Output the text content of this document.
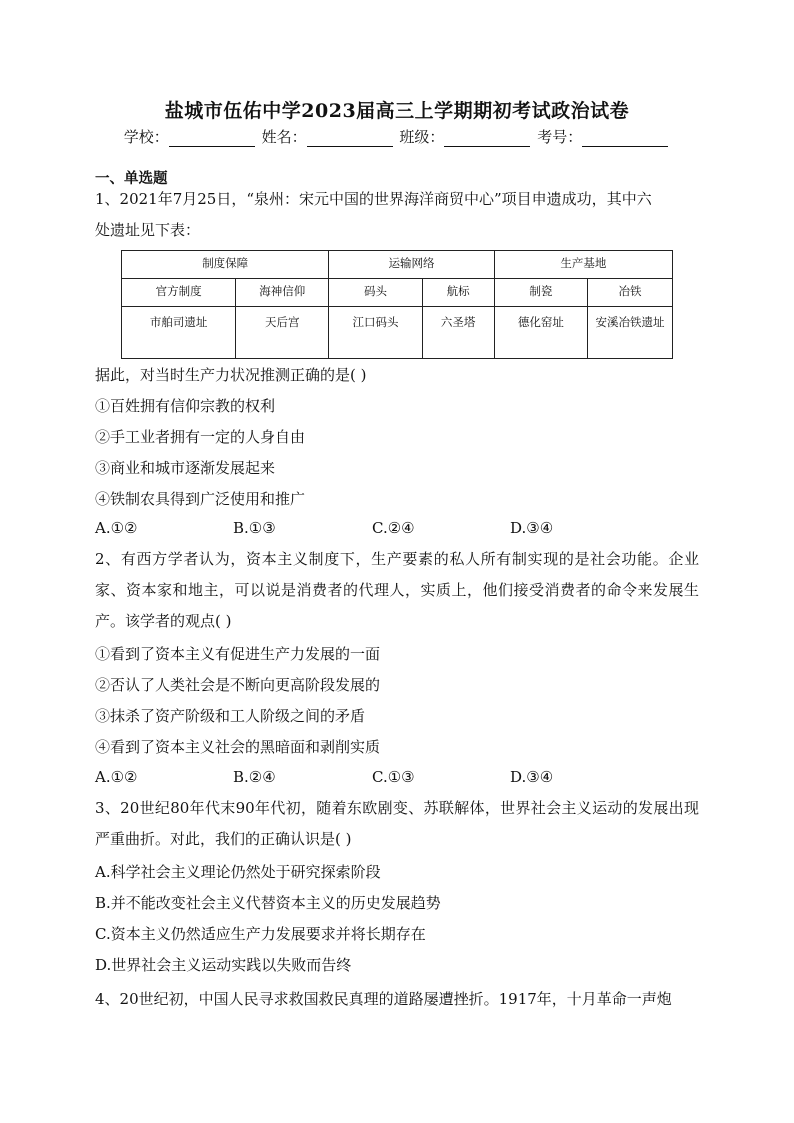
盐城市伍佑中学2023届高三上学期期初考试政治试卷
学校：	姓名：	班级：	考号：
一、单选题
1、2021年7月25日，“泉州：宋元中国的世界海洋商贸中心”项目申遗成功，其中六
处遗址见下表：
制度保障		运输网络		生产基地	
官方制度	海神信仰	码头	航标	制瓷	冶铁
市舶司遗址	天后宫	江口码头	六圣塔	德化窑址	安溪冶铁遗址
据此，对当时生产力状况推测正确的是( )
①百姓拥有信仰宗教的权利
②手工业者拥有一定的人身自由
③商业和城市逐渐发展起来
④铁制农具得到广泛使用和推广
A.①②	B.①③	C.②④	D.③④
2、有西方学者认为，资本主义制度下，生产要素的私人所有制实现的是社会功能。企业家、资本家和地主，可以说是消费者的代理人，实质上，他们接受消费者的命令来发展生产。该学者的观点( )
①看到了资本主义有促进生产力发展的一面
②否认了人类社会是不断向更高阶段发展的
③抹杀了资产阶级和工人阶级之间的矛盾
④看到了资本主义社会的黑暗面和剥削实质
A.①②	B.②④	C.①③	D.③④
3、20世纪80年代末90年代初，随着东欧剧变、苏联解体，世界社会主义运动的发展出现严重曲折。对此，我们的正确认识是( )
A.科学社会主义理论仍然处于研究探索阶段
B.并不能改变社会主义代替资本主义的历史发展趋势
C.资本主义仍然适应生产力发展要求并将长期存在
D.世界社会主义运动实践以失败而告终
4、20世纪初，中国人民寻求救国救民真理的道路屡遭挫折。1917年，十月革命一声炮
